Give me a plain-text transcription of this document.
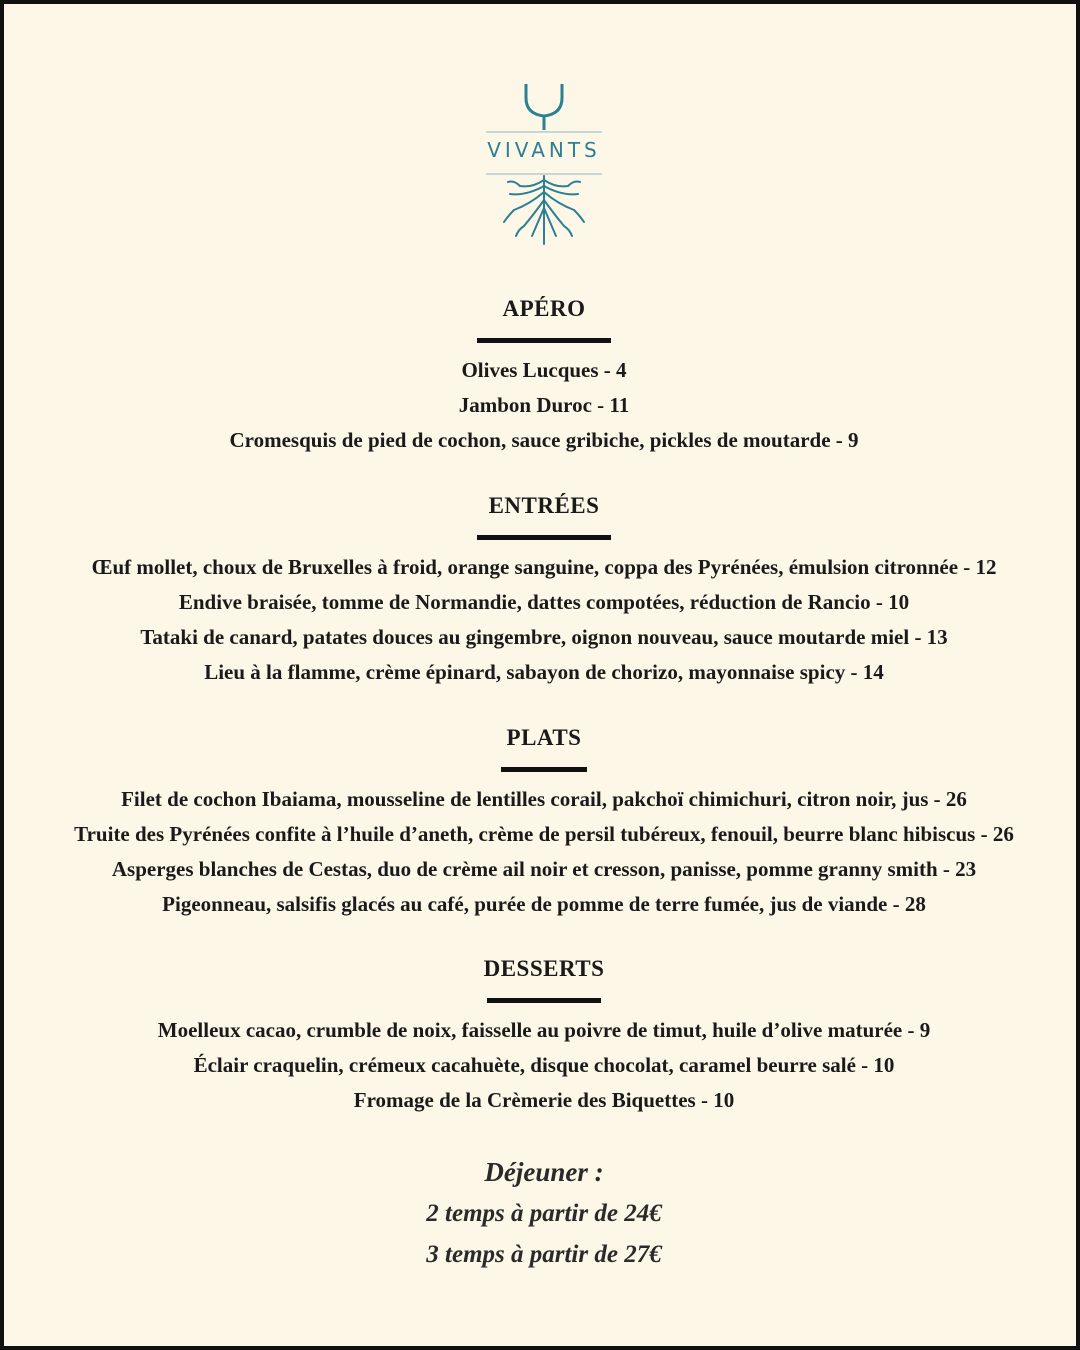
VIVANTS
APÉRO
Olives Lucques - 4
Jambon Duroc - 11
Cromesquis de pied de cochon, sauce gribiche, pickles de moutarde - 9
ENTRÉES
Œuf mollet, choux de Bruxelles à froid, orange sanguine, coppa des Pyrénées, émulsion citronnée - 12
Endive braisée, tomme de Normandie, dattes compotées, réduction de Rancio - 10
Tataki de canard, patates douces au gingembre, oignon nouveau, sauce moutarde miel - 13
Lieu à la flamme, crème épinard, sabayon de chorizo, mayonnaise spicy - 14
PLATS
Filet de cochon Ibaiama, mousseline de lentilles corail, pakchoï chimichuri, citron noir, jus - 26
Truite des Pyrénées confite à l’huile d’aneth, crème de persil tubéreux, fenouil, beurre blanc hibiscus - 26
Asperges blanches de Cestas, duo de crème ail noir et cresson, panisse, pomme granny smith - 23
Pigeonneau, salsifis glacés au café, purée de pomme de terre fumée, jus de viande - 28
DESSERTS
Moelleux cacao, crumble de noix, faisselle au poivre de timut, huile d’olive maturée - 9
Éclair craquelin, crémeux cacahuète, disque chocolat, caramel beurre salé - 10
Fromage de la Crèmerie des Biquettes - 10
Déjeuner :
2 temps à partir de 24€
3 temps à partir de 27€
